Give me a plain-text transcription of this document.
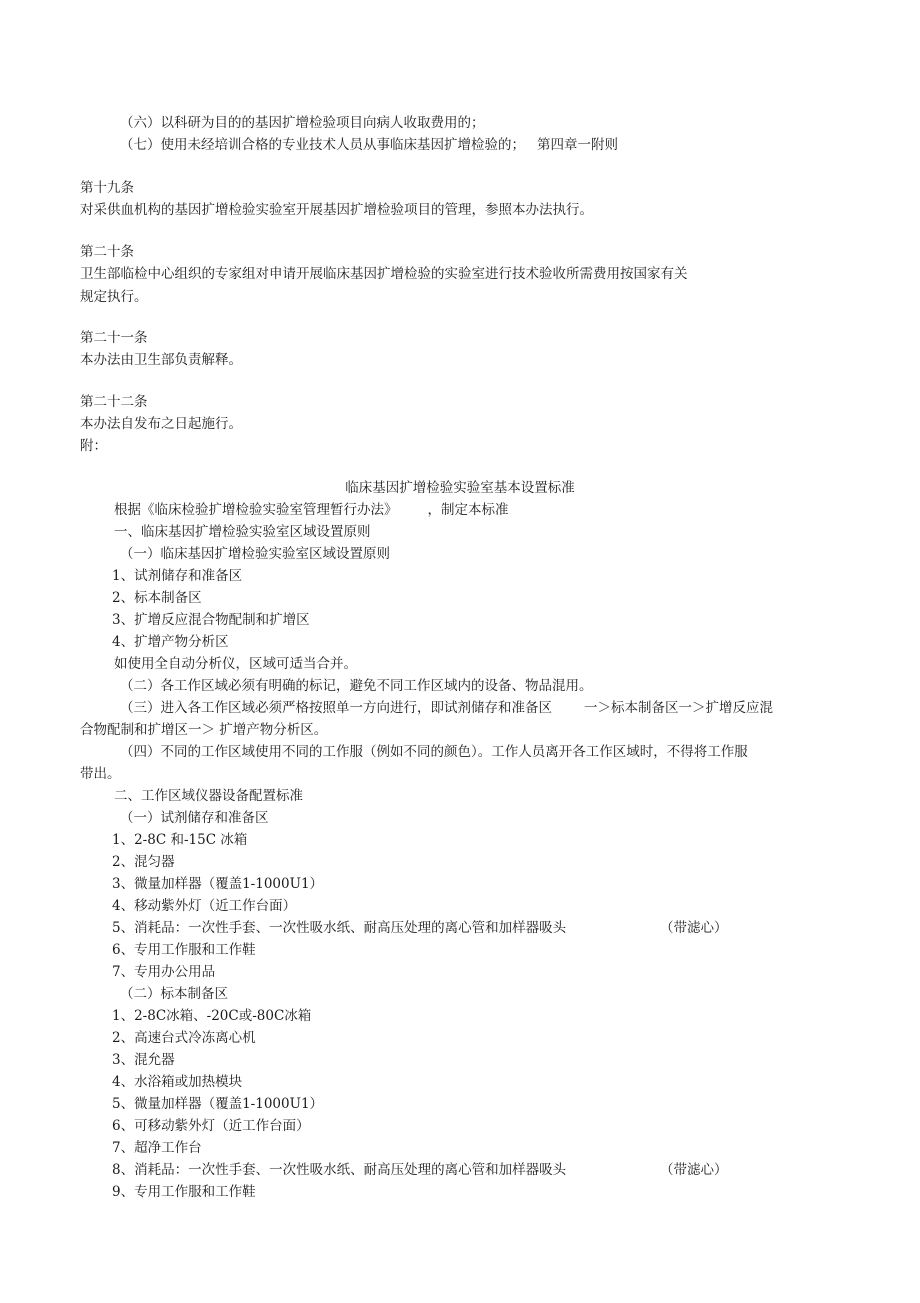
（六）以科研为目的的基因扩增检验项目向病人收取费用的；
（七）使用未经培训合格的专业技术人员从事临床基因扩增检验的； 第四章一附则
第十九条
对采供血机构的基因扩增检验实验室开展基因扩增检验项目的管理，参照本办法执行。
第二十条
卫生部临检中心组织的专家组对申请开展临床基因扩增检验的实验室进行技术验收所需费用按国家有关
规定执行。
第二十一条
本办法由卫生部负责解释。
第二十二条
本办法自发布之日起施行。
附：
临床基因扩增检验实验室基本设置标准
根据《临床检验扩增检验实验室管理暂行办法》 ，制定本标准
一、临床基因扩增检验实验室区域设置原则
（一）临床基因扩增检验实验室区域设置原则
1、试剂储存和准备区
2、标本制备区
3、扩增反应混合物配制和扩增区
4、扩增产物分析区
如使用全自动分析仪，区域可适当合并。
（二）各工作区域必须有明确的标记，避免不同工作区域内的设备、物品混用。
（三）进入各工作区域必须严格按照单一方向进行，即试剂储存和准备区 一＞标本制备区一＞扩增反应混
合物配制和扩增区一＞ 扩增产物分析区。
（四）不同的工作区域使用不同的工作服（例如不同的颜色）。工作人员离开各工作区域时，不得将工作服
带出。
二、工作区域仪器设备配置标准
（一）试剂储存和准备区
1、2-8C 和-15C 冰箱
2、混匀器
3、微量加样器（覆盖1-1000U1）
4、移动紫外灯（近工作台面）
5、消耗品：一次性手套、一次性吸水纸、耐高压处理的离心管和加样器吸头	（带滤心）
6、专用工作服和工作鞋
7、专用办公用品
（二）标本制备区
1、2-8C冰箱、-20C或-80C冰箱
2、高速台式冷冻离心机
3、混允器
4、水浴箱或加热模块
5、微量加样器（覆盖1-1000U1）
6、可移动紫外灯（近工作台面）
7、超净工作台
8、消耗品：一次性手套、一次性吸水纸、耐高压处理的离心管和加样器吸头	（带滤心）
9、专用工作服和工作鞋
